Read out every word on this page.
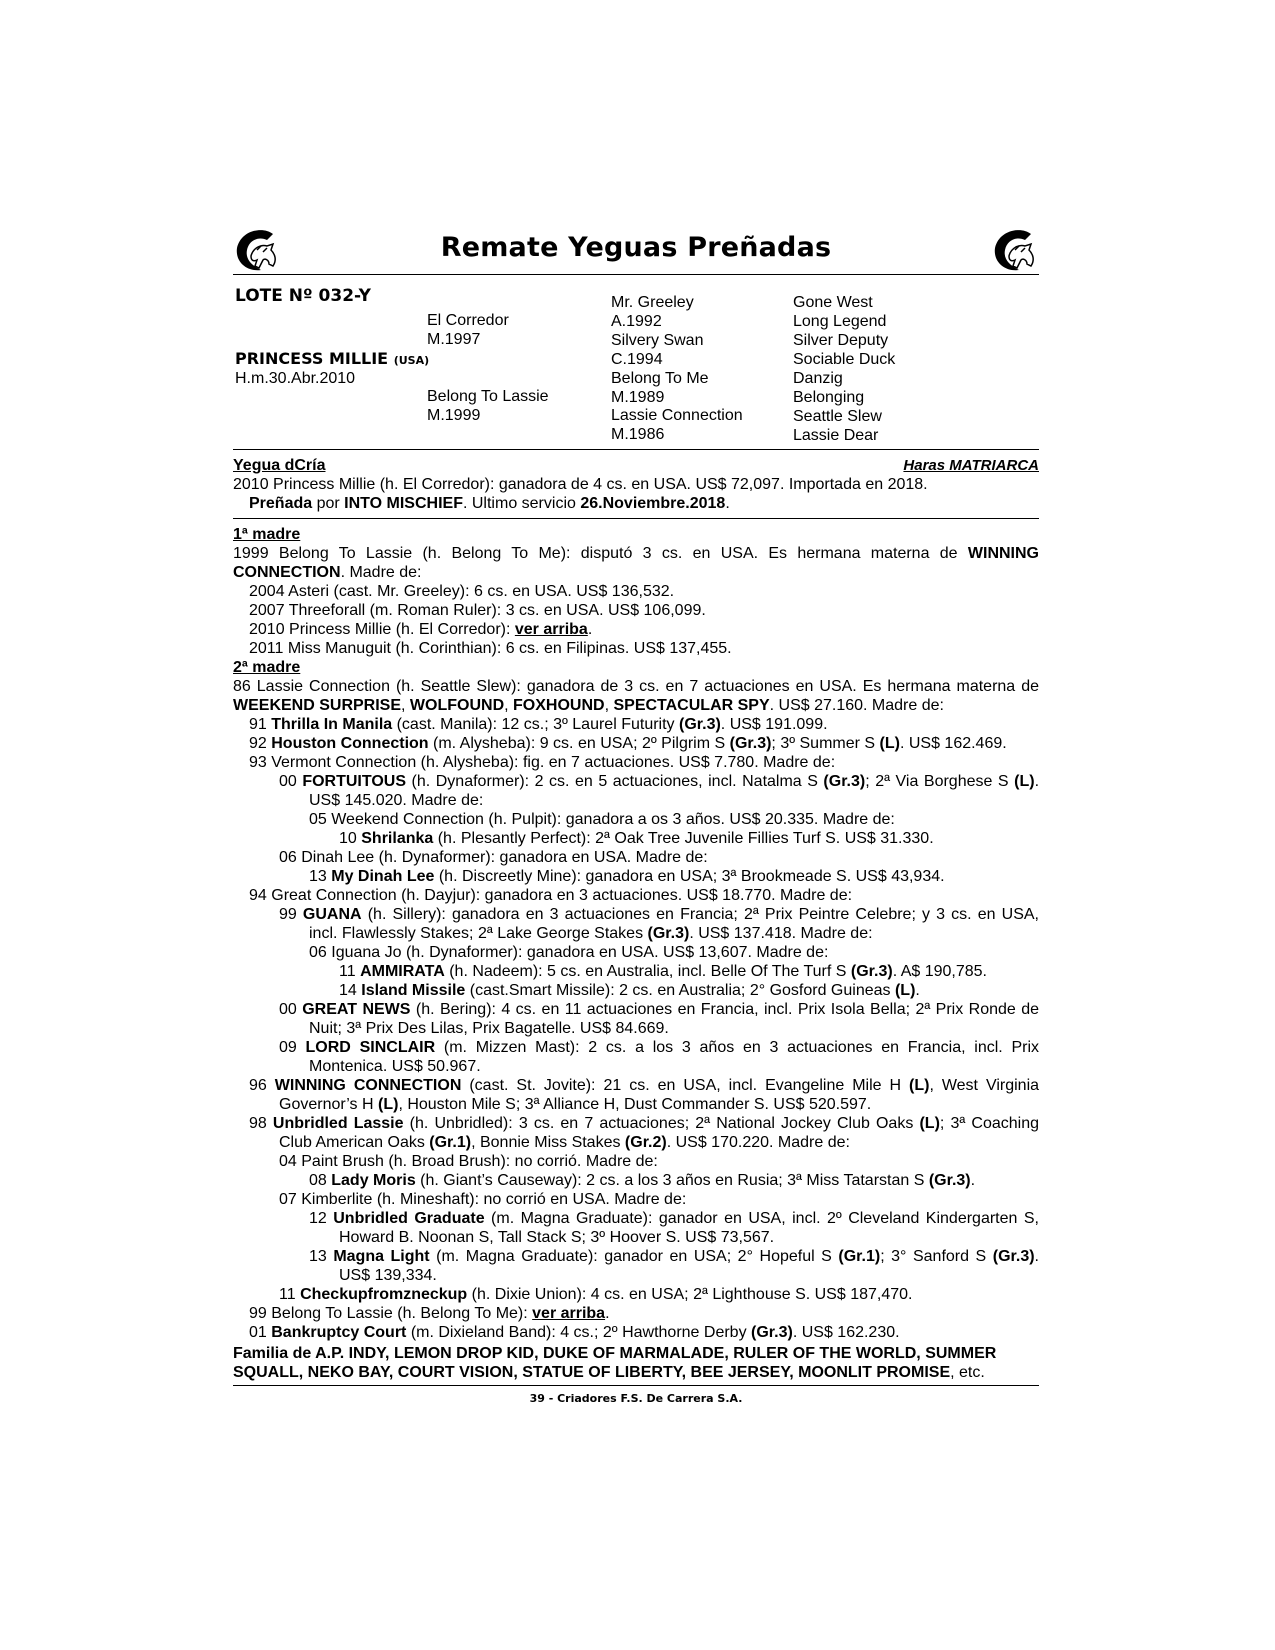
Remate Yeguas Preñadas
LOTE Nº 032-Y
PRINCESS MILLIE (USA)
H.m.30.Abr.2010
El Corredor
M.1997
Belong To Lassie
M.1999
Mr. Greeley
A.1992
Silvery Swan
C.1994
Belong To Me
M.1989
Lassie Connection
M.1986
Gone West
Long Legend
Silver Deputy
Sociable Duck
Danzig
Belonging
Seattle Slew
Lassie Dear
Yegua dCría	Haras MATRIARCA
2010 Princess Millie (h. El Corredor): ganadora de 4 cs. en USA. US$ 72,097. Importada en 2018.
Preñada por INTO MISCHIEF. Ultimo servicio 26.Noviembre.2018.
1ª madre
1999 Belong To Lassie (h. Belong To Me): disputó 3 cs. en USA. Es hermana materna de WINNING CONNECTION. Madre de:
2004 Asteri (cast. Mr. Greeley): 6 cs. en USA. US$ 136,532.
2007 Threeforall (m. Roman Ruler): 3 cs. en USA. US$ 106,099.
2010 Princess Millie (h. El Corredor): ver arriba.
2011 Miss Manuguit (h. Corinthian): 6 cs. en Filipinas. US$ 137,455.
2ª madre
86 Lassie Connection (h. Seattle Slew): ganadora de 3 cs. en 7 actuaciones en USA. Es hermana materna de WEEKEND SURPRISE, WOLFOUND, FOXHOUND, SPECTACULAR SPY. US$ 27.160. Madre de:
91 Thrilla In Manila (cast. Manila): 12 cs.; 3º Laurel Futurity (Gr.3). US$ 191.099.
92 Houston Connection (m. Alysheba): 9 cs. en USA; 2º Pilgrim S (Gr.3); 3º Summer S (L). US$ 162.469.
93 Vermont Connection (h. Alysheba): fig. en 7 actuaciones. US$ 7.780. Madre de:
00 FORTUITOUS (h. Dynaformer): 2 cs. en 5 actuaciones, incl. Natalma S (Gr.3); 2ª Via Borghese S (L). US$ 145.020. Madre de:
05 Weekend Connection (h. Pulpit): ganadora a os 3 años. US$ 20.335. Madre de:
10 Shrilanka (h. Plesantly Perfect): 2ª Oak Tree Juvenile Fillies Turf S. US$ 31.330.
06 Dinah Lee (h. Dynaformer): ganadora en USA. Madre de:
13 My Dinah Lee (h. Discreetly Mine): ganadora en USA; 3ª Brookmeade S. US$ 43,934.
94 Great Connection (h. Dayjur): ganadora en 3 actuaciones. US$ 18.770. Madre de:
99 GUANA (h. Sillery): ganadora en 3 actuaciones en Francia; 2ª Prix Peintre Celebre; y 3 cs. en USA, incl. Flawlessly Stakes; 2ª Lake George Stakes (Gr.3). US$ 137.418. Madre de:
06 Iguana Jo (h. Dynaformer): ganadora en USA. US$ 13,607. Madre de:
11 AMMIRATA (h. Nadeem): 5 cs. en Australia, incl. Belle Of The Turf S (Gr.3). A$ 190,785.
14 Island Missile (cast.Smart Missile): 2 cs. en Australia; 2° Gosford Guineas (L).
00 GREAT NEWS (h. Bering): 4 cs. en 11 actuaciones en Francia, incl. Prix Isola Bella; 2ª Prix Ronde de Nuit; 3ª Prix Des Lilas, Prix Bagatelle. US$ 84.669.
09 LORD SINCLAIR (m. Mizzen Mast): 2 cs. a los 3 años en 3 actuaciones en Francia, incl. Prix Montenica. US$ 50.967.
96 WINNING CONNECTION (cast. St. Jovite): 21 cs. en USA, incl. Evangeline Mile H (L), West Virginia Governor’s H (L), Houston Mile S; 3ª Alliance H, Dust Commander S. US$ 520.597.
98 Unbridled Lassie (h. Unbridled): 3 cs. en 7 actuaciones; 2ª National Jockey Club Oaks (L); 3ª Coaching Club American Oaks (Gr.1), Bonnie Miss Stakes (Gr.2). US$ 170.220. Madre de:
04 Paint Brush (h. Broad Brush): no corrió. Madre de:
08 Lady Moris (h. Giant’s Causeway): 2 cs. a los 3 años en Rusia; 3ª Miss Tatarstan S (Gr.3).
07 Kimberlite (h. Mineshaft): no corrió en USA. Madre de:
12 Unbridled Graduate (m. Magna Graduate): ganador en USA, incl. 2º Cleveland Kindergarten S, Howard B. Noonan S, Tall Stack S; 3º Hoover S. US$ 73,567.
13 Magna Light (m. Magna Graduate): ganador en USA; 2° Hopeful S (Gr.1); 3° Sanford S (Gr.3). US$ 139,334.
11 Checkupfromzneckup (h. Dixie Union): 4 cs. en USA; 2ª Lighthouse S. US$ 187,470.
99 Belong To Lassie (h. Belong To Me): ver arriba.
01 Bankruptcy Court (m. Dixieland Band): 4 cs.; 2º Hawthorne Derby (Gr.3). US$ 162.230.
Familia de A.P. INDY, LEMON DROP KID, DUKE OF MARMALADE, RULER OF THE WORLD, SUMMER SQUALL, NEKO BAY, COURT VISION, STATUE OF LIBERTY, BEE JERSEY, MOONLIT PROMISE, etc.
39 - Criadores F.S. De Carrera S.A.
